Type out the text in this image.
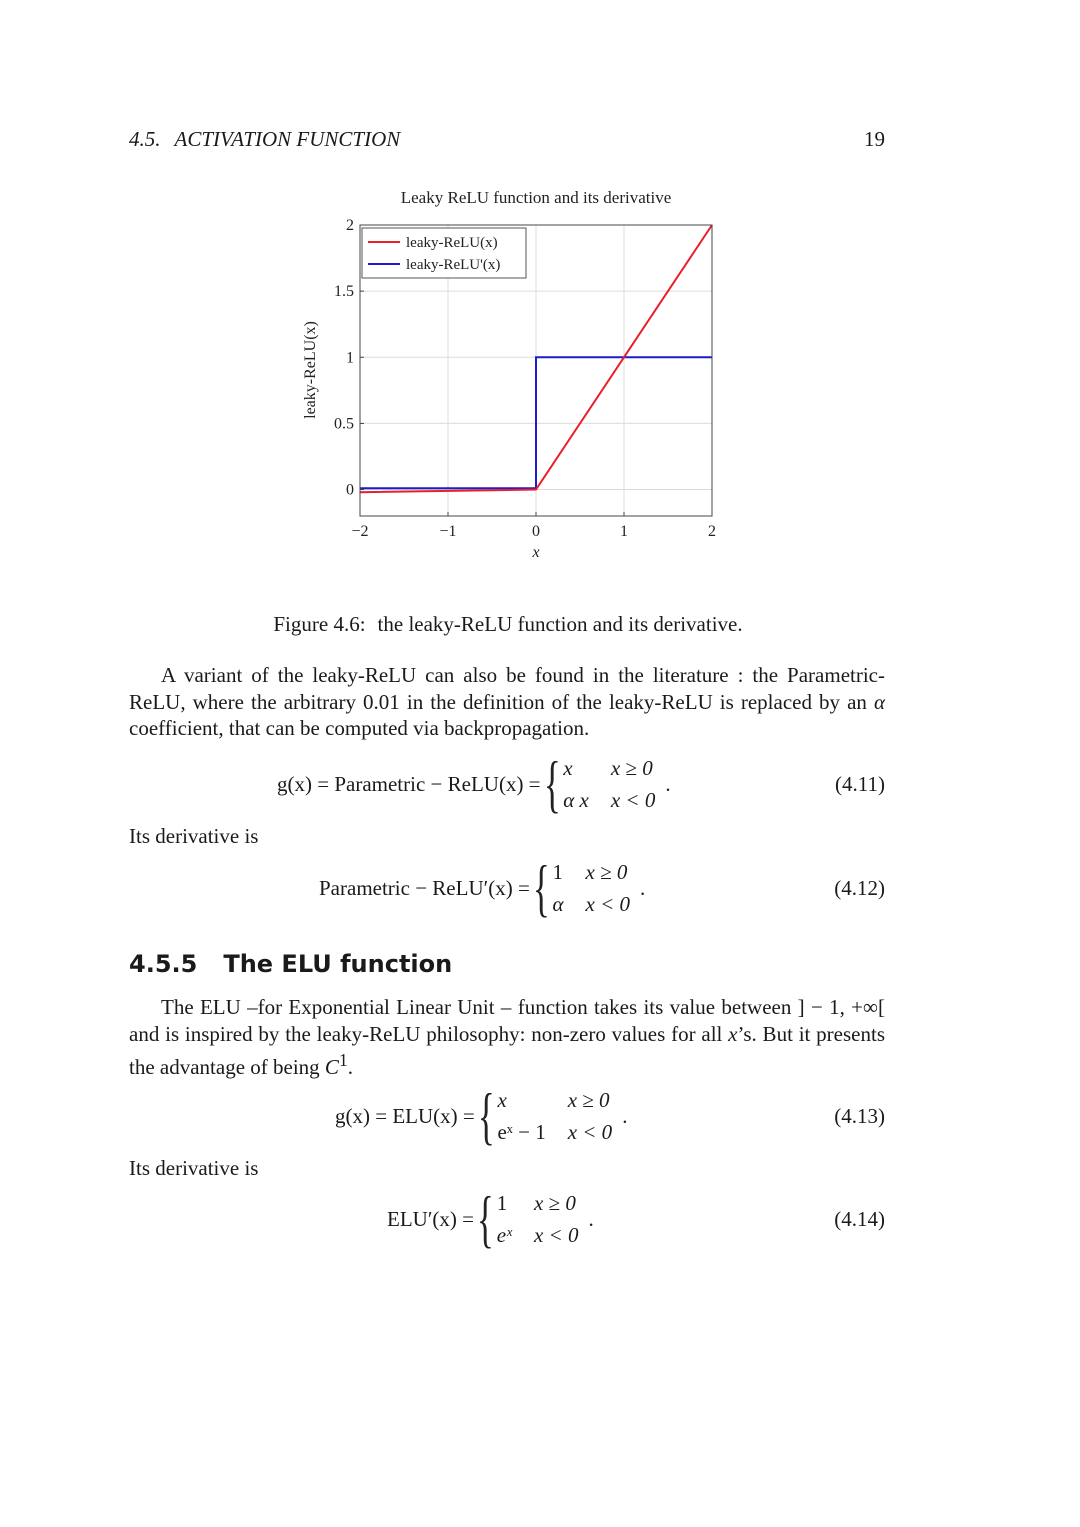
4.5. ACTIVATION FUNCTION	19
Leaky ReLU function and its derivative
−2	−1	0	1	2
0
0.5
1
1.5
2
leaky-ReLU(x)
leaky-ReLU'(x)
x
leaky-ReLU(x)
Figure 4.6: the leaky-ReLU function and its derivative.
A variant of the leaky-ReLU can also be found in the literature : the Parametric-ReLU, where the arbitrary 0.01 in the definition of the leaky-ReLU is replaced by an α coefficient, that can be computed via backpropagation.
g(x) = Parametric − ReLU(x) = { x	x ≥ 0
α x x < 0
.	(4.11)
Its derivative is
Parametric − ReLU′(x) = { 1 x ≥ 0
α x < 0
.	(4.12)
4.5.5 The ELU function
The ELU –for Exponential Linear Unit – function takes its value between ] − 1, +∞[ and is inspired by the leaky-ReLU philosophy: non-zero values for all x’s. But it presents the advantage of being $C^1$.
g(x) = ELU(x) = { x	x ≥ 0
eˣ − 1 x < 0
.	(4.13)
Its derivative is
ELU′(x) = { 1 x ≥ 0
eˣ x < 0
.	(4.14)
